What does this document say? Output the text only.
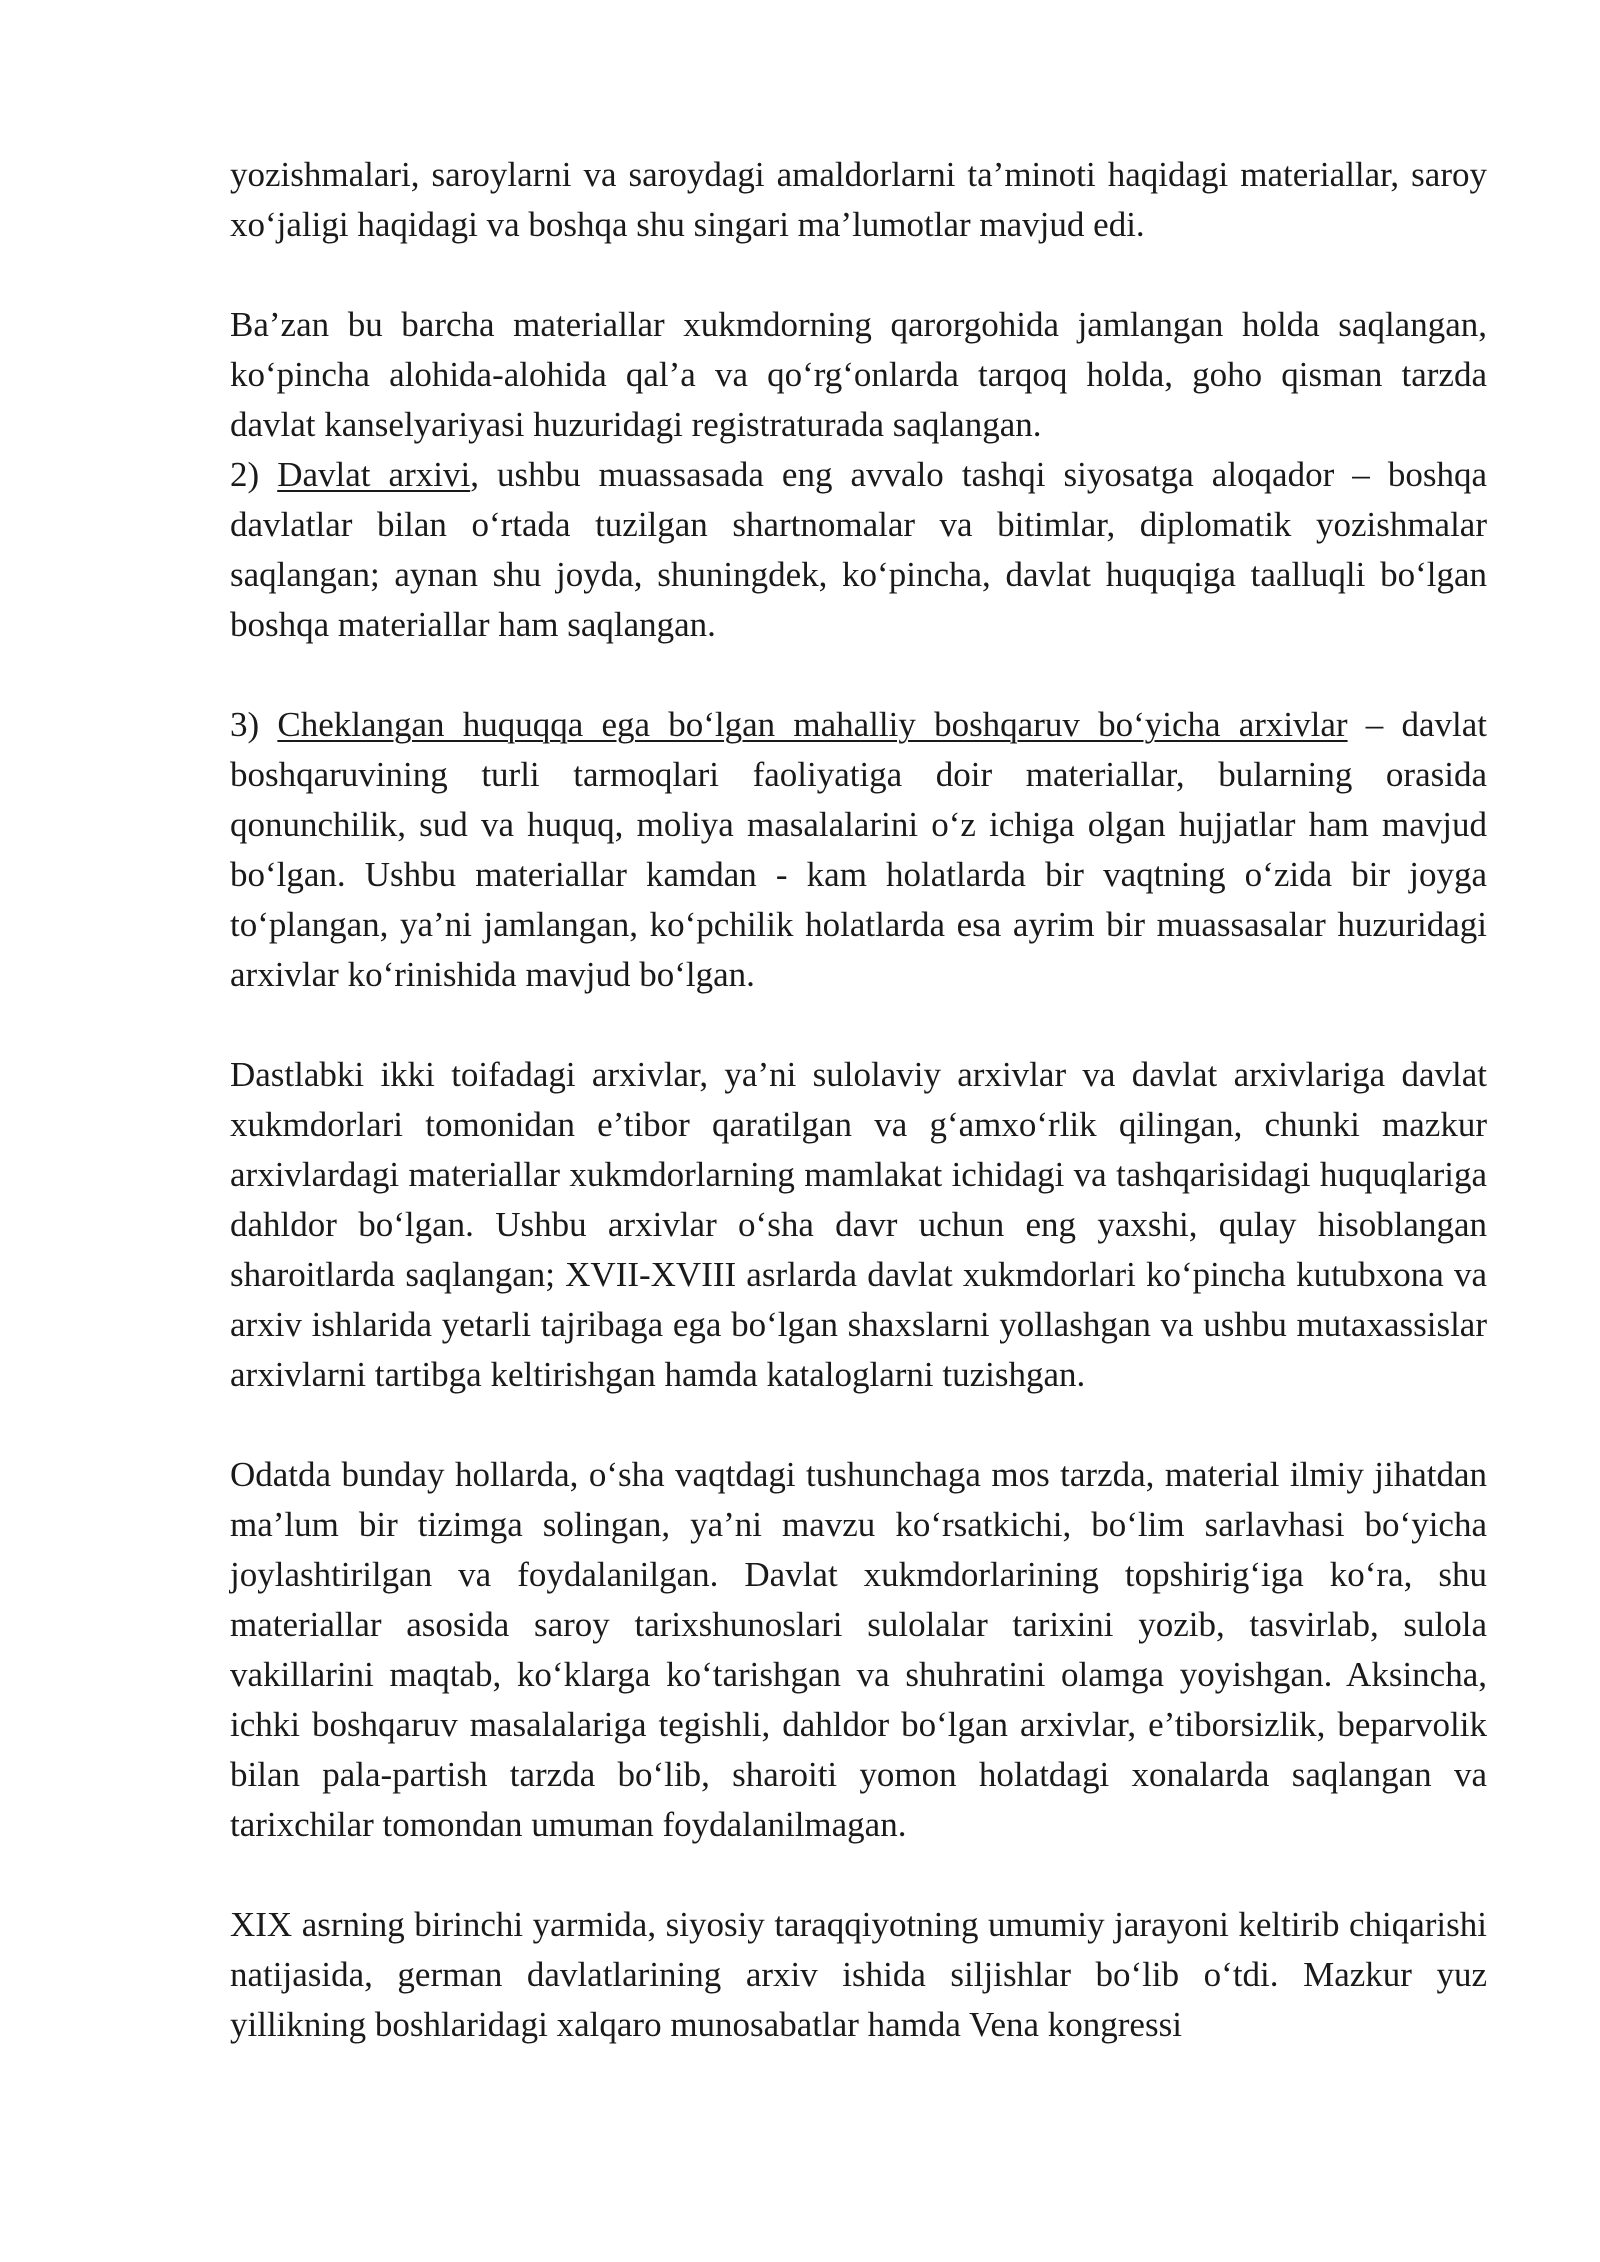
yozishmalari, saroylarni va saroydagi amaldorlarni ta’minoti haqidagi materiallar, saroy xo‘jaligi haqidagi va boshqa shu singari ma’lumotlar mavjud edi.

Ba’zan bu barcha materiallar xukmdorning qarorgohida jamlangan holda saqlangan, ko‘pincha alohida-alohida qal’a va qo‘rg‘onlarda tarqoq holda, goho qisman tarzda davlat kanselyariyasi huzuridagi registraturada saqlangan.

2) Davlat arxivi, ushbu muassasada eng avvalo tashqi siyosatga aloqador – boshqa davlatlar bilan o‘rtada tuzilgan shartnomalar va bitimlar, diplomatik yozishmalar saqlangan; aynan shu joyda, shuningdek, ko‘pincha, davlat huquqiga taalluqli bo‘lgan boshqa materiallar ham saqlangan.

3) Cheklangan huquqqa ega bo‘lgan mahalliy boshqaruv bo‘yicha arxivlar – davlat boshqaruvining turli tarmoqlari faoliyatiga doir materiallar, bularning orasida qonunchilik, sud va huquq, moliya masalalarini o‘z ichiga olgan hujjatlar ham mavjud bo‘lgan. Ushbu materiallar kamdan - kam holatlarda bir vaqtning o‘zida bir joyga to‘plangan, ya’ni jamlangan, ko‘pchilik holatlarda esa ayrim bir muassasalar huzuridagi arxivlar ko‘rinishida mavjud bo‘lgan.

Dastlabki ikki toifadagi arxivlar, ya’ni sulolaviy arxivlar va davlat arxivlariga davlat xukmdorlari tomonidan e’tibor qaratilgan va g‘amxo‘rlik qilingan, chunki mazkur arxivlardagi materiallar xukmdorlarning mamlakat ichidagi va tashqarisidagi huquqlariga dahldor bo‘lgan. Ushbu arxivlar o‘sha davr uchun eng yaxshi, qulay hisoblangan sharoitlarda saqlangan; XVII-XVIII asrlarda davlat xukmdorlari ko‘pincha kutubxona va arxiv ishlarida yetarli tajribaga ega bo‘lgan shaxslarni yollashgan va ushbu mutaxassislar arxivlarni tartibga keltirishgan hamda kataloglarni tuzishgan.

Odatda bunday hollarda, o‘sha vaqtdagi tushunchaga mos tarzda, material ilmiy jihatdan ma’lum bir tizimga solingan, ya’ni mavzu ko‘rsatkichi, bo‘lim sarlavhasi bo‘yicha joylashtirilgan va foydalanilgan. Davlat xukmdorlarining topshirig‘iga ko‘ra, shu materiallar asosida saroy tarixshunoslari sulolalar tarixini yozib, tasvirlab, sulola vakillarini maqtab, ko‘klarga ko‘tarishgan va shuhratini olamga yoyishgan. Aksincha, ichki boshqaruv masalalariga tegishli, dahldor bo‘lgan arxivlar, e’tiborsizlik, beparvolik bilan pala-partish tarzda bo‘lib, sharoiti yomon holatdagi xonalarda saqlangan va tarixchilar tomondan umuman foydalanilmagan.

XIX asrning birinchi yarmida, siyosiy taraqqiyotning umumiy jarayoni keltirib chiqarishi natijasida, german davlatlarining arxiv ishida siljishlar bo‘lib o‘tdi. Mazkur yuz yillikning boshlaridagi xalqaro munosabatlar hamda Vena kongressi
